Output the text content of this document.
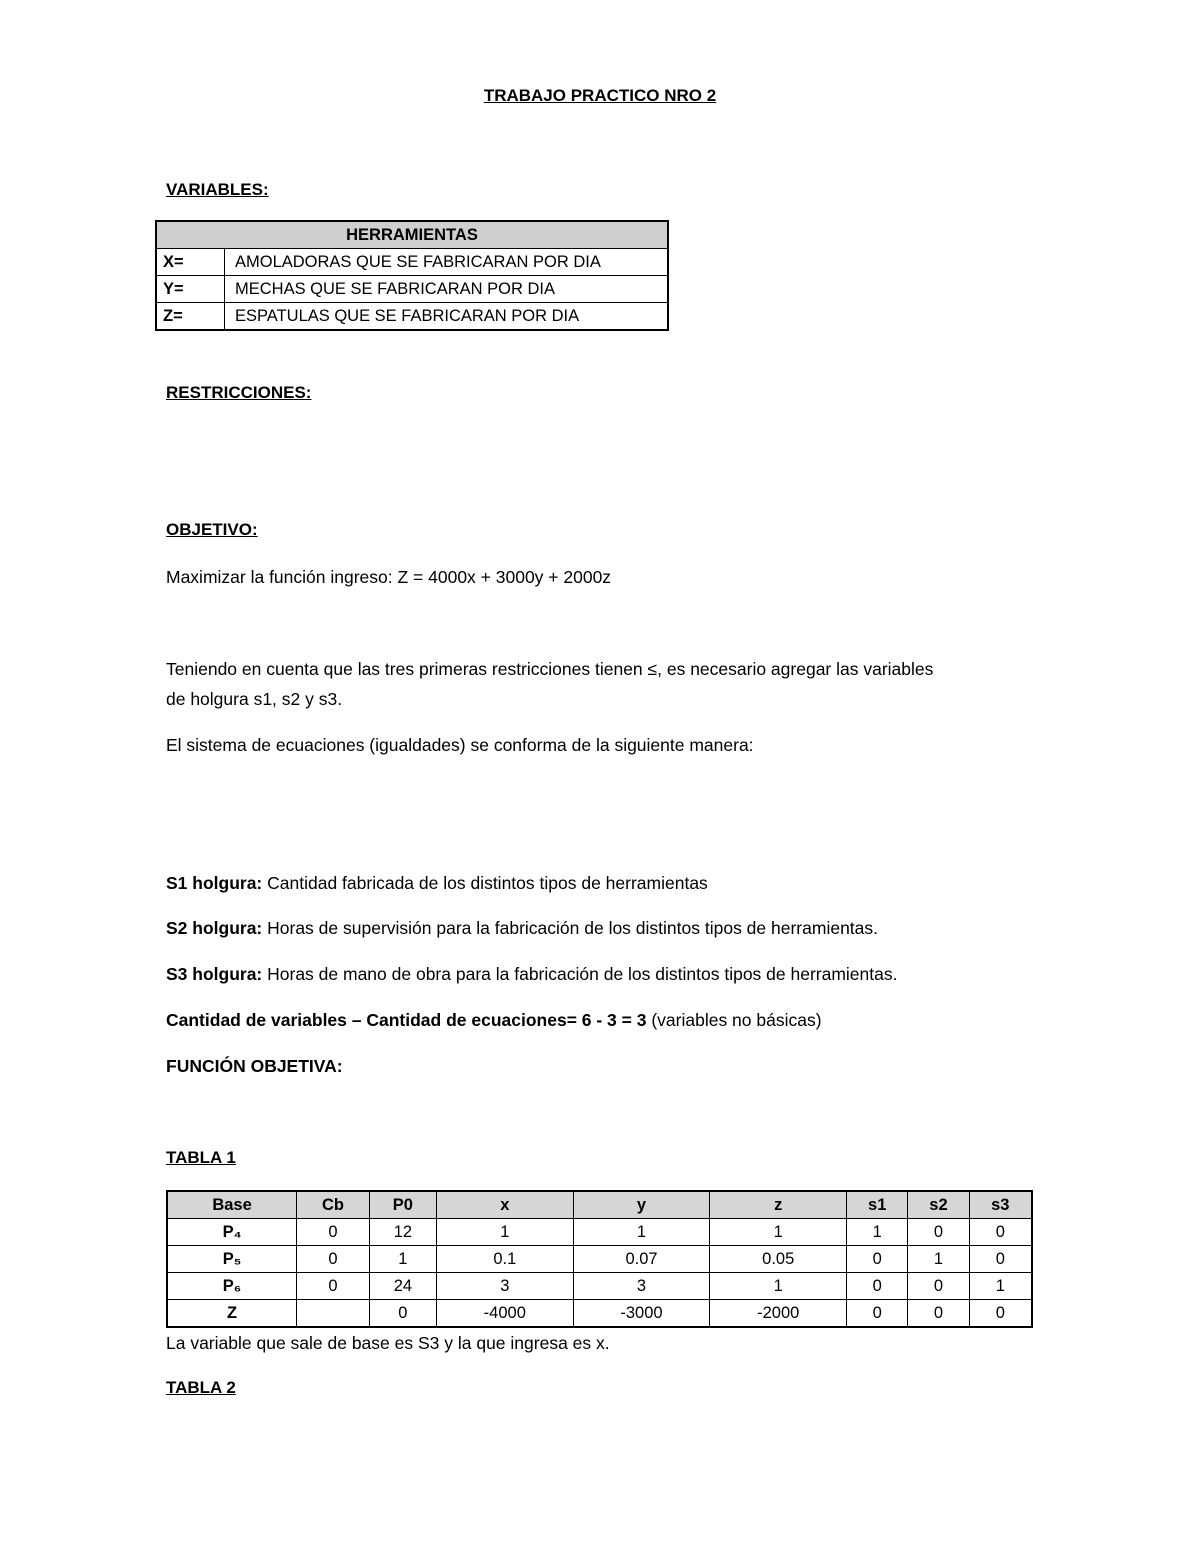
TRABAJO PRACTICO NRO 2
VARIABLES:
HERRAMIENTAS	
X=	AMOLADORAS QUE SE FABRICARAN POR DIA
Y=	MECHAS QUE SE FABRICARAN POR DIA
Z=	ESPATULAS QUE SE FABRICARAN POR DIA
RESTRICCIONES:
OBJETIVO:
Maximizar la función ingreso: Z = 4000x + 3000y + 2000z
Teniendo en cuenta que las tres primeras restricciones tienen ≤, es necesario agregar las variables
de holgura s1, s2 y s3.
El sistema de ecuaciones (igualdades) se conforma de la siguiente manera:
S1 holgura: Cantidad fabricada de los distintos tipos de herramientas
S2 holgura: Horas de supervisión para la fabricación de los distintos tipos de herramientas.
S3 holgura: Horas de mano de obra para la fabricación de los distintos tipos de herramientas.
Cantidad de variables – Cantidad de ecuaciones= 6 - 3 = 3 (variables no básicas)
FUNCIÓN OBJETIVA:
TABLA 1
Base	Cb	P0	x	y	z	s1	s2	s3
P₄	0	12	1	1	1	1	0	0
P₅	0	1	0.1	0.07	0.05	0	1	0
P₆	0	24	3	3	1	0	0	1
Z		0	-4000	-3000	-2000	0	0	0
La variable que sale de base es S3 y la que ingresa es x.
TABLA 2
